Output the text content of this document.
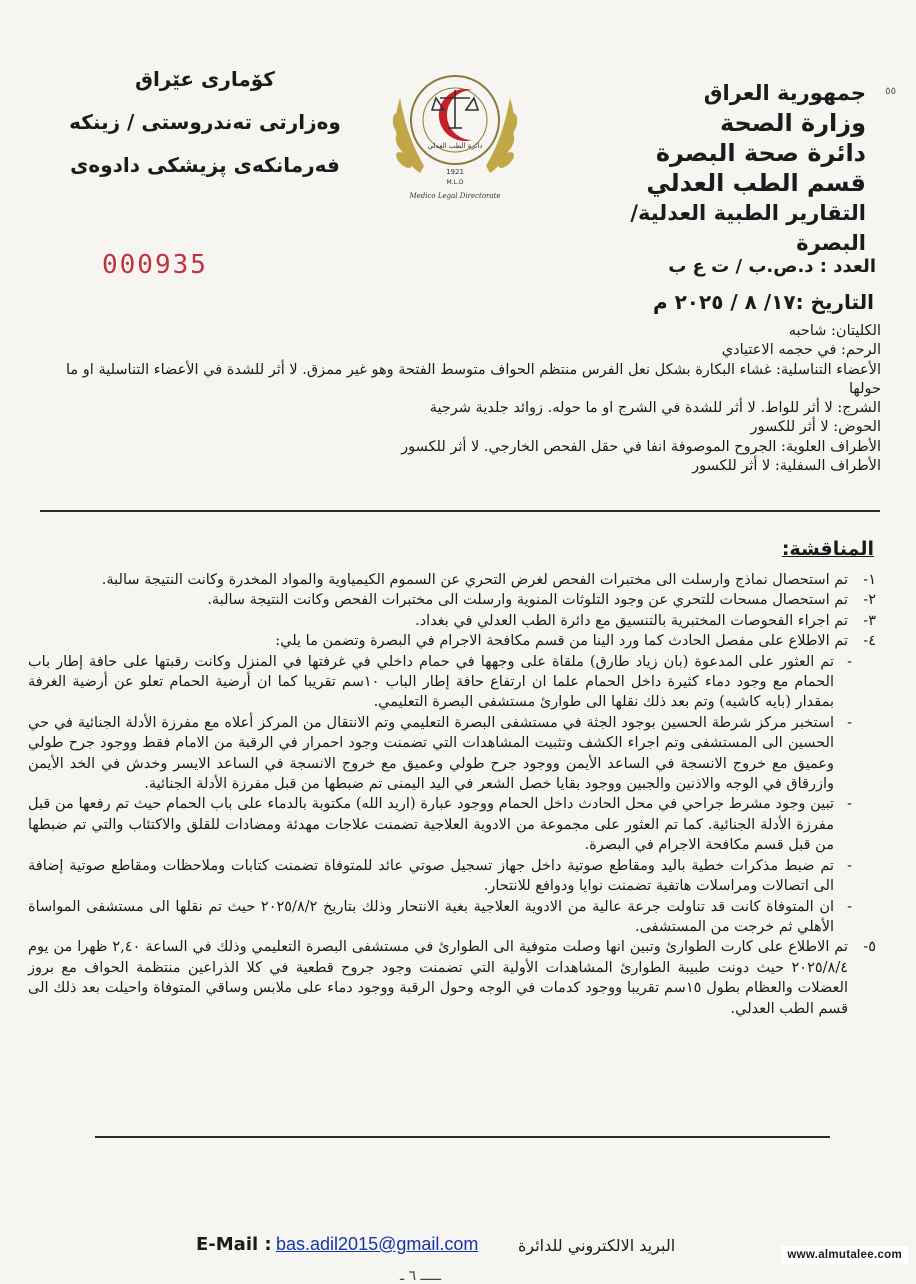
جمهورية العراق
وزارة الصحة
دائرة صحة البصرة
قسم الطب العدلي
التقارير الطبية العدلية/البصرة
٥٥
كۆماری عێراق
وەزارتی تەندروستی / زینكە
فەرمانكەی پزیشكی دادوەی
دائرة الطب العدلي
1921
M.L.D
Medico Legal Directorate
000935	العدد : د.ص.ب / ت ع ب
التاريخ :١٧/ ٨ / ٢٠٢٥ م

الكليتان: شاحبه

الرحم: في حجمه الاعتيادي

الأعضاء التناسلية: غشاء البكارة بشكل نعل الفرس منتظم الحواف متوسط الفتحة وهو غير ممزق. لا أثر للشدة في الأعضاء التناسلية او ما حولها

الشرج: لا أثر للواط. لا أثر للشدة في الشرج او ما حوله. زوائد جلدية شرجية

الحوض: لا أثر للكسور

الأطراف العلوية: الجروح الموصوفة انفا في حقل الفحص الخارجي. لا أثر للكسور

الأطراف السفلية: لا أثر للكسور

المناقشة:

١-
تم استحصال نماذج وارسلت الى مختبرات الفحص لغرض التحري عن السموم الكيمياوية والمواد المخدرة وكانت النتيجة سالبة.

٢-
تم استحصال مسحات للتحري عن وجود التلوثات المنوية وارسلت الى مختبرات الفحص وكانت النتيجة سالبة.

٣-
تم اجراء الفحوصات المختبرية بالتنسيق مع دائرة الطب العدلي في بغداد.

٤-
تم الاطلاع على مفصل الحادث كما ورد الينا من قسم مكافحة الاجرام في البصرة وتضمن ما يلي:

-
تم العثور على المدعوة (بان زياد طارق) ملقاة على وجهها في حمام داخلي في غرفتها في المنزل وكانت رقبتها على حافة إطار باب الحمام مع وجود دماء كثيرة داخل الحمام علما ان ارتفاع حافة إطار الباب ١٠سم تقريبا كما ان أرضية الحمام تعلو عن أرضية الغرفة بمقدار (بايه كاشيه) وتم بعد ذلك نقلها الى طوارئ مستشفى البصرة التعليمي.

-
استخبر مركز شرطة الحسين بوجود الجثة في مستشفى البصرة التعليمي وتم الانتقال من المركز أعلاه مع مفرزة الأدلة الجنائية في حي الحسين الى المستشفى وتم اجراء الكشف وتثبيت المشاهدات التي تضمنت وجود احمرار في الرقبة من الامام فقط ووجود جرح طولي وعميق مع خروج الانسجة في الساعد الأيمن ووجود جرح طولي وعميق مع خروج الانسجة في الساعد الايسر وخدش في الخد الأيمن وازرقاق في الوجه والاذنين والجبين ووجود بقايا خصل الشعر في اليد اليمنى تم ضبطها من قبل مفرزة الأدلة الجنائية.

-
تبين وجود مشرط جراحي في محل الحادث داخل الحمام ووجود عبارة (اريد الله) مكتوبة بالدماء على باب الحمام حيث تم رفعها من قبل مفرزة الأدلة الجنائية. كما تم العثور على مجموعة من الادوية العلاجية تضمنت علاجات مهدئة ومضادات للقلق والاكتئاب والتي تم ضبطها من قبل قسم مكافحة الاجرام في البصرة.

-
تم ضبط مذكرات خطية باليد ومقاطع صوتية داخل جهاز تسجيل صوتي عائد للمتوفاة تضمنت كتابات وملاحظات ومقاطع صوتية إضافة الى اتصالات ومراسلات هاتفية تضمنت نوايا ودوافع للانتحار.

-
ان المتوفاة كانت قد تناولت جرعة عالية من الادوية العلاجية بغية الانتحار وذلك بتاريخ ٢٠٢٥/٨/٢ حيث تم نقلها الى مستشفى المواساة الأهلي ثم خرجت من المستشفى.

٥-
تم الاطلاع على كارت الطوارئ وتبين انها وصلت متوفية الى الطوارئ في مستشفى البصرة التعليمي وذلك في الساعة ٢,٤٠ ظهرا من يوم ٢٠٢٥/٨/٤ حيث دونت طبيبة الطوارئ المشاهدات الأولية التي تضمنت وجود جروح قطعية في كلا الذراعين منتظمة الحواف مع بروز العضلات والعظام بطول ١٥سم تقريبا ووجود كدمات في الوجه وحول الرقبة ووجود دماء على ملابس وساقي المتوفاة واحيلت بعد ذلك الى قسم الطب العدلي.

E-Mail : bas.adil2015@gmail.com البريد الالكتروني للدائرة	www.almutalee.com
ـــــ ٦ ـ
